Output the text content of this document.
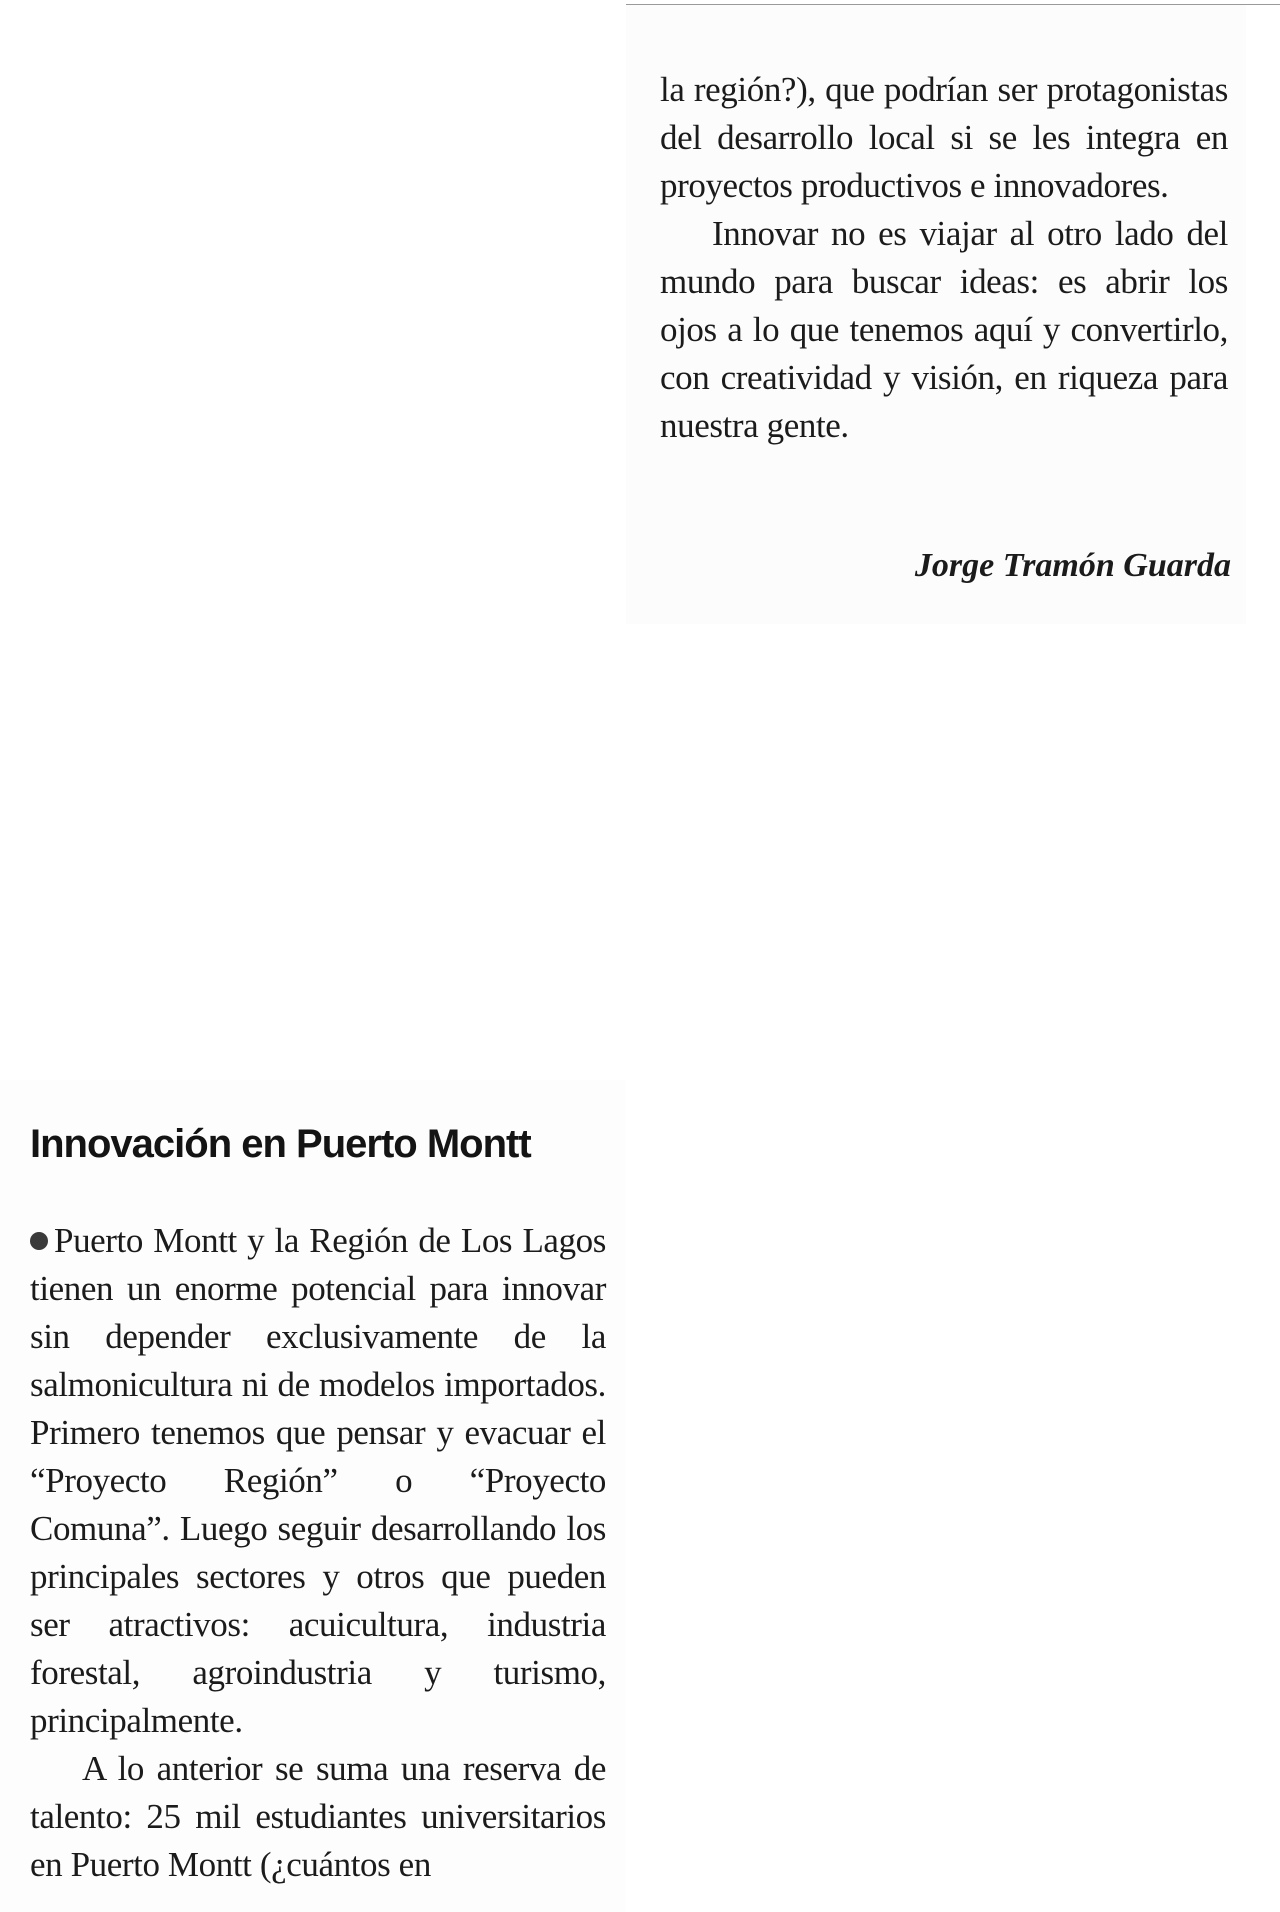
la región?), que podrían ser protagonistas del desarrollo local si se les integra en proyectos productivos e innovadores.

Innovar no es viajar al otro lado del mundo para buscar ideas: es abrir los ojos a lo que tenemos aquí y convertirlo, con creatividad y visión, en riqueza para nuestra gente.

Jorge Tramón Guarda
Innovación en Puerto Montt

Puerto Montt y la Región de Los Lagos tienen un enorme potencial para innovar sin depender exclusivamente de la salmonicultura ni de modelos importados. Primero tenemos que pensar y evacuar el “Proyecto Región” o “Proyecto Comuna”. Luego seguir desarrollando los principales sectores y otros que pueden ser atractivos: acuicultura, industria forestal, agroindustria y turismo, principalmente.

A lo anterior se suma una reserva de talento: 25 mil estudiantes universitarios en Puerto Montt (¿cuántos en
